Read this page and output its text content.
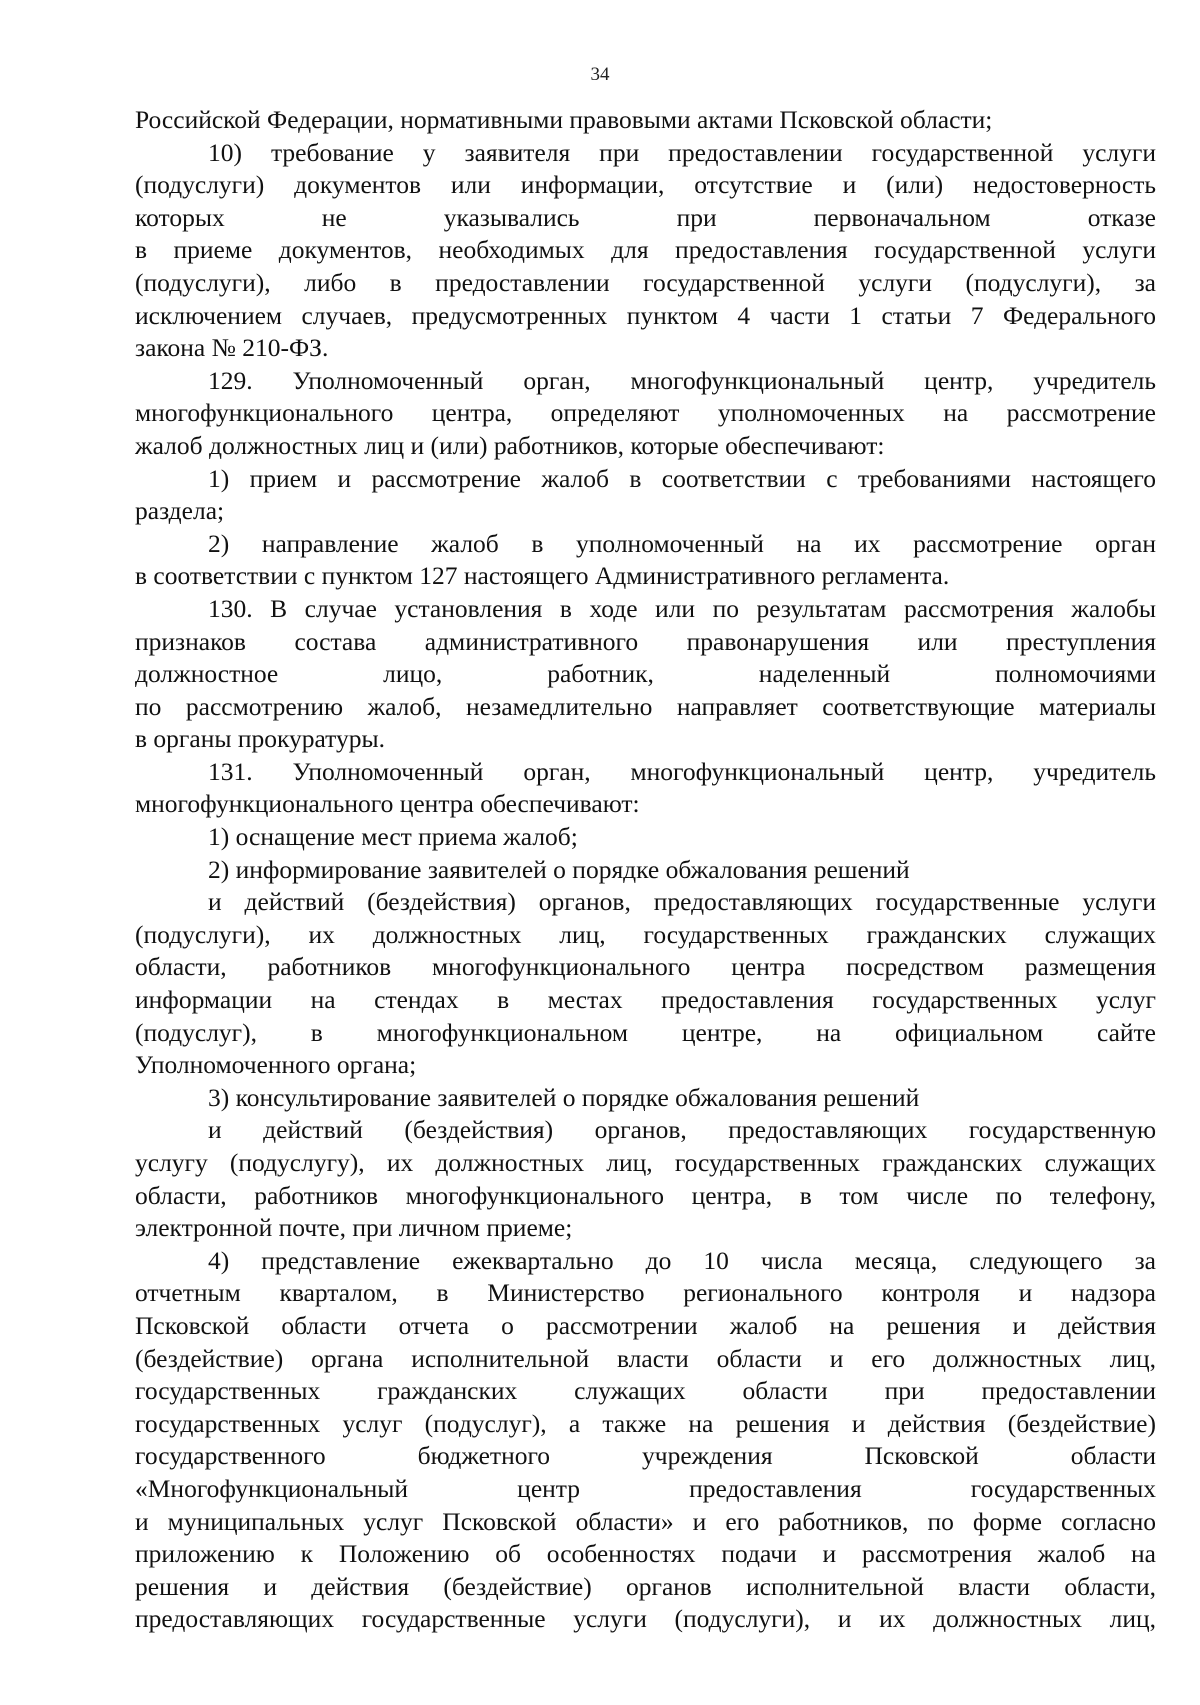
34
Российской Федерации, нормативными правовыми актами Псковской области;
10) требование у заявителя при предоставлении государственной услуги
(подуслуги) документов или информации, отсутствие и (или) недостоверность
которых не указывались при первоначальном отказе
в приеме документов, необходимых для предоставления государственной услуги
(подуслуги), либо в предоставлении государственной услуги (подуслуги), за
исключением случаев, предусмотренных пунктом 4 части 1 статьи 7 Федерального
закона № 210-ФЗ.
129. Уполномоченный орган, многофункциональный центр, учредитель
многофункционального центра, определяют уполномоченных на рассмотрение
жалоб должностных лиц и (или) работников, которые обеспечивают:
1) прием и рассмотрение жалоб в соответствии с требованиями настоящего
раздела;
2) направление жалоб в уполномоченный на их рассмотрение орган
в соответствии с пунктом 127 настоящего Административного регламента.
130. В случае установления в ходе или по результатам рассмотрения жалобы
признаков состава административного правонарушения или преступления
должностное лицо, работник, наделенный полномочиями
по рассмотрению жалоб, незамедлительно направляет соответствующие материалы
в органы прокуратуры.
131. Уполномоченный орган, многофункциональный центр, учредитель
многофункционального центра обеспечивают:
1) оснащение мест приема жалоб;
2) информирование заявителей о порядке обжалования решений
и действий (бездействия) органов, предоставляющих государственные услуги
(подуслуги), их должностных лиц, государственных гражданских служащих
области, работников многофункционального центра посредством размещения
информации на стендах в местах предоставления государственных услуг
(подуслуг), в многофункциональном центре, на официальном сайте
Уполномоченного органа;
3) консультирование заявителей о порядке обжалования решений
и действий (бездействия) органов, предоставляющих государственную
услугу (подуслугу), их должностных лиц, государственных гражданских служащих
области, работников многофункционального центра, в том числе по телефону,
электронной почте, при личном приеме;
4) представление ежеквартально до 10 числа месяца, следующего за
отчетным кварталом, в Министерство регионального контроля и надзора
Псковской области отчета о рассмотрении жалоб на решения и действия
(бездействие) органа исполнительной власти области и его должностных лиц,
государственных гражданских служащих области при предоставлении
государственных услуг (подуслуг), а также на решения и действия (бездействие)
государственного бюджетного учреждения Псковской области
«Многофункциональный центр предоставления государственных
и муниципальных услуг Псковской области» и его работников, по форме согласно
приложению к Положению об особенностях подачи и рассмотрения жалоб на
решения и действия (бездействие) органов исполнительной власти области,
предоставляющих государственные услуги (подуслуги), и их должностных лиц,
